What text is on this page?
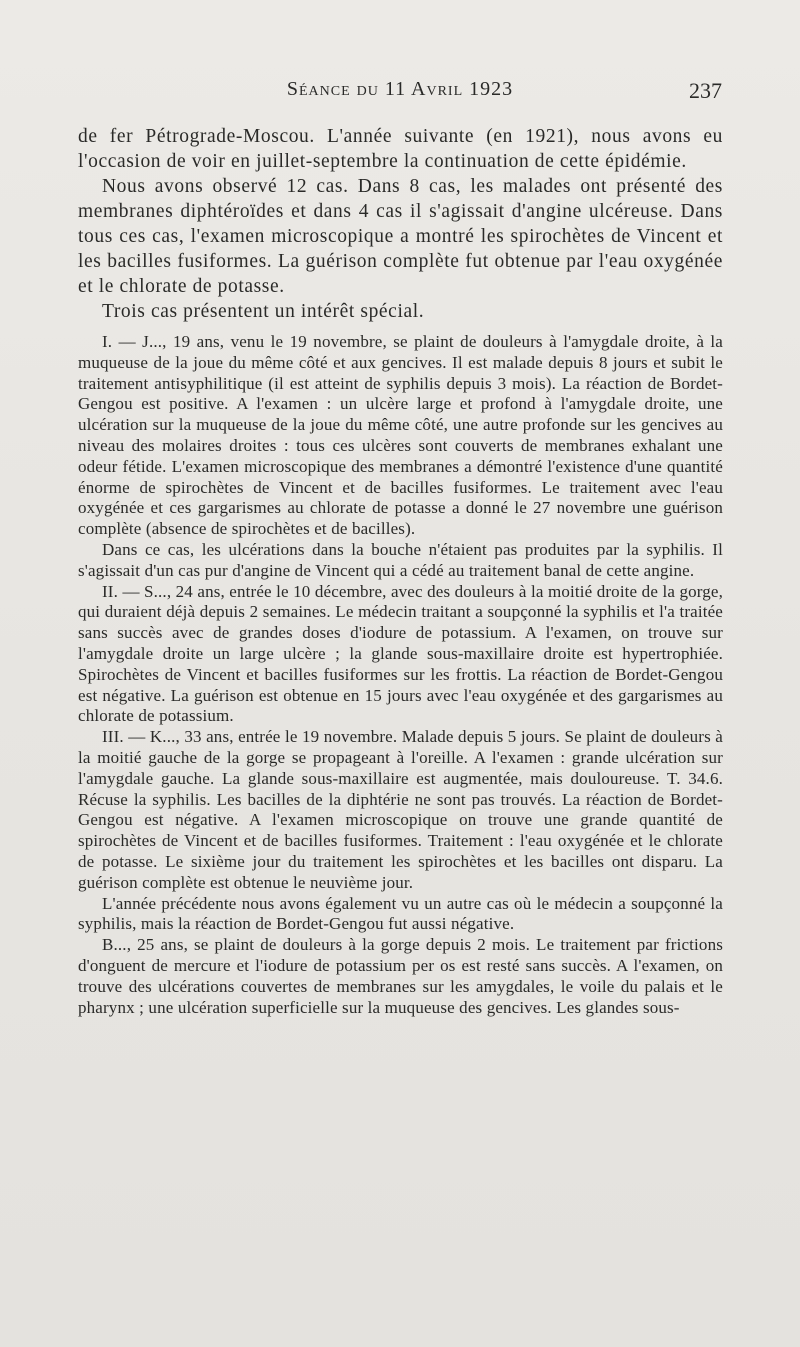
Séance du 11 Avril 1923	237

de fer Pétrograde-Moscou. L'année suivante (en 1921), nous avons eu l'occasion de voir en juillet-septembre la continuation de cette épidémie.

Nous avons observé 12 cas. Dans 8 cas, les malades ont présenté des membranes diphtéroïdes et dans 4 cas il s'agissait d'angine ulcéreuse. Dans tous ces cas, l'examen microscopique a montré les spirochètes de Vincent et les bacilles fusiformes. La guérison complète fut obtenue par l'eau oxygénée et le chlorate de potasse.

Trois cas présentent un intérêt spécial.

I. — J..., 19 ans, venu le 19 novembre, se plaint de douleurs à l'amygdale droite, à la muqueuse de la joue du même côté et aux gencives. Il est malade depuis 8 jours et subit le traitement antisyphilitique (il est atteint de syphilis depuis 3 mois). La réaction de Bordet-Gengou est positive. A l'examen : un ulcère large et profond à l'amygdale droite, une ulcération sur la muqueuse de la joue du même côté, une autre profonde sur les gencives au niveau des molaires droites : tous ces ulcères sont couverts de membranes exhalant une odeur fétide. L'examen microscopique des membranes a démontré l'existence d'une quantité énorme de spirochètes de Vincent et de bacilles fusiformes. Le traitement avec l'eau oxygénée et ces gargarismes au chlorate de potasse a donné le 27 novembre une guérison complète (absence de spirochètes et de bacilles).

Dans ce cas, les ulcérations dans la bouche n'étaient pas produites par la syphilis. Il s'agissait d'un cas pur d'angine de Vincent qui a cédé au traitement banal de cette angine.

II. — S..., 24 ans, entrée le 10 décembre, avec des douleurs à la moitié droite de la gorge, qui duraient déjà depuis 2 semaines. Le médecin traitant a soupçonné la syphilis et l'a traitée sans succès avec de grandes doses d'iodure de potassium. A l'examen, on trouve sur l'amygdale droite un large ulcère ; la glande sous-maxillaire droite est hypertrophiée. Spirochètes de Vincent et bacilles fusiformes sur les frottis. La réaction de Bordet-Gengou est négative. La guérison est obtenue en 15 jours avec l'eau oxygénée et des gargarismes au chlorate de potassium.

III. — K..., 33 ans, entrée le 19 novembre. Malade depuis 5 jours. Se plaint de douleurs à la moitié gauche de la gorge se propageant à l'oreille. A l'examen : grande ulcération sur l'amygdale gauche. La glande sous-maxillaire est augmentée, mais douloureuse. T. 34.6. Récuse la syphilis. Les bacilles de la diphtérie ne sont pas trouvés. La réaction de Bordet-Gengou est négative. A l'examen microscopique on trouve une grande quantité de spirochètes de Vincent et de bacilles fusiformes. Traitement : l'eau oxygénée et le chlorate de potasse. Le sixième jour du traitement les spirochètes et les bacilles ont disparu. La guérison complète est obtenue le neuvième jour.

L'année précédente nous avons également vu un autre cas où le médecin a soupçonné la syphilis, mais la réaction de Bordet-Gengou fut aussi négative.

B..., 25 ans, se plaint de douleurs à la gorge depuis 2 mois. Le traitement par frictions d'onguent de mercure et l'iodure de potassium per os est resté sans succès. A l'examen, on trouve des ulcérations couvertes de membranes sur les amygdales, le voile du palais et le pharynx ; une ulcération superficielle sur la muqueuse des gencives. Les glandes sous-
